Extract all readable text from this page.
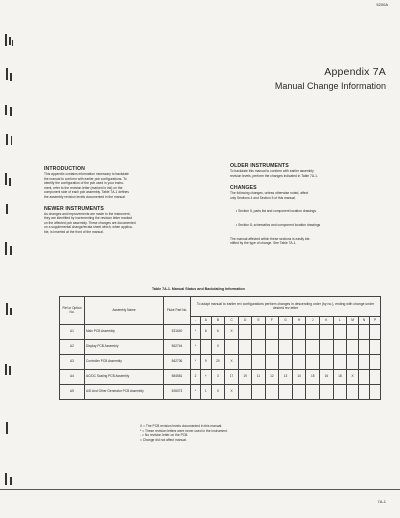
5200A
Appendix 7A
Manual Change Information
INTRODUCTION
This appendix contains information necessary to backdate
the manual to conform with earlier pcb configurations. To
identify the configuration of the pcb used in your instru-
ment, refer to the revision letter (marked in ink) on the
component side of each pcb assembly. Table 7A-1 defines
the assembly revision levels documented in the manual.
NEWER INSTRUMENTS
As changes and improvements are made to the instrument,
they are identified by incrementing the revision letter marked
on the affected pcb assembly. These changes are documented
on a supplemental change/errata sheet which, when applica-
ble, is inserted at the front of the manual.
OLDER INSTRUMENTS
To backdate this manual to conform with earlier assembly
revision levels, perform the changes indicated in Table 7A-1.
CHANGES
The following changes, unless otherwise noted, affect
only Sections 4 and Section 5 of this manual.
• Section 5, parts list and component location drawings
• Section 8, schematics and component location drawings
The manual affected within these sections is easily ide-
ntified by the type of change. See Table 7A-1.
Table 7A-1. Manual Status and Backdating Information
Ref or Option No.	Assembly Name	Fluke Part No.	To adapt manual to earlier rev configurations perform changes in descending order (by no.), ending with change under desired rev letter														
			-	A	B	C	D	E	F	G	H	J	K	L	M	N	P
A1	Main PCB Assembly	531640	*	8	6	X											
A2	Display PCB Assembly	562744	*		X												
A3	Controller PCB Assembly	562736	*	9	20	X											
A4	AC/DC Scaling PCB Assembly	584581	2	+	3	17	19	11	12	13	14	15	16	18	X		
A5	A/D And Other Generator PCB Assembly	526073	*	1	X	X											
X = The PCB revision levels documented in this manual.
* = These revision letters were never used in the instrument.
- = No revision letter on the PCB.
= Change did not affect manual.
7A-1
